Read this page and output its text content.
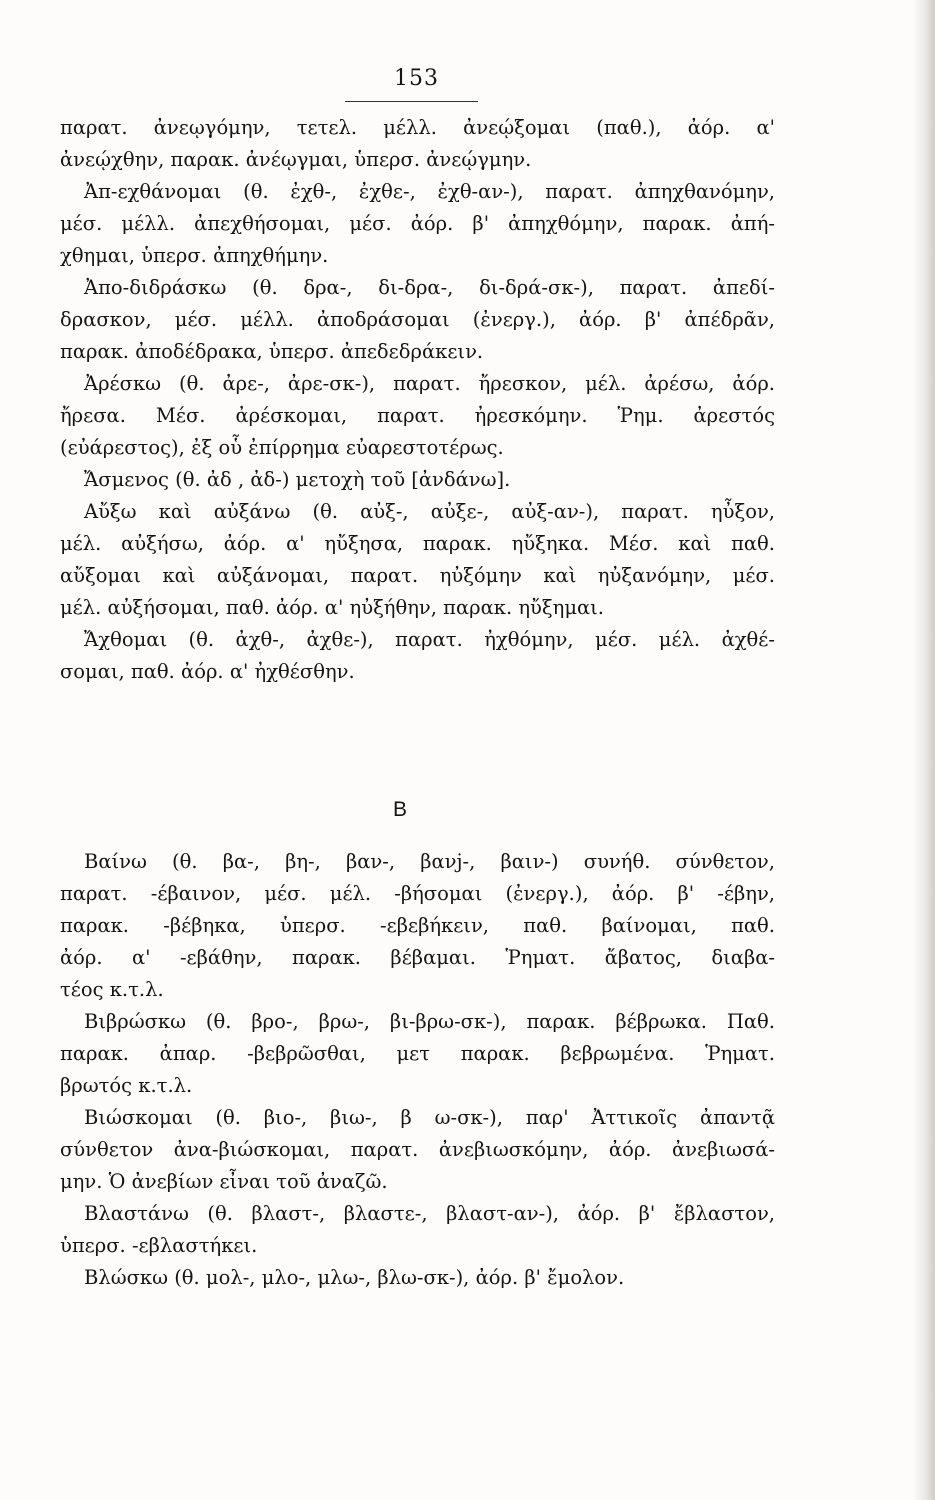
153
παρατ. ἀνεῳγόμην, τετελ. μέλλ. ἀνεῴξομαι (παθ.), ἀόρ. α'
ἀνεῴχθην, παρακ. ἀνέῳγμαι, ὑπερσ. ἀνεῴγμην.
Ἀπ-εχθάνομαι (θ. ἐχθ-, ἐχθε-, ἐχθ-αν-), παρατ. ἀπηχθανόμην,
μέσ. μέλλ. ἀπεχθήσομαι, μέσ. ἀόρ. β' ἀπηχθόμην, παρακ. ἀπή-
χθημαι, ὑπερσ. ἀπηχθήμην.
Ἀπο-διδράσκω (θ. δρα-, δι-δρα-, δι-δρά-σκ-), παρατ. ἀπεδί-
δρασκον, μέσ. μέλλ. ἀποδράσομαι (ἐνεργ.), ἀόρ. β' ἀπέδρᾶν,
παρακ. ἀποδέδρακα, ὑπερσ. ἀπεδεδράκειν.
Ἀρέσκω (θ. ἀρε-, ἀρε-σκ-), παρατ. ἤρεσκον, μέλ. ἀρέσω, ἀόρ.
ἤρεσα. Μέσ. ἀρέσκομαι, παρατ. ἠρεσκόμην. Ῥημ. ἀρεστός
(εὐάρεστος), ἐξ οὗ ἐπίρρημα εὐαρεστοτέρως.
Ἄσμενος (θ. ἀδ , ἀδ-) μετοχὴ τοῦ [ἀνδάνω].
Αὔξω καὶ αὐξάνω (θ. αὐξ-, αὐξε-, αὐξ-αν-), παρατ. ηὖξον,
μέλ. αὐξήσω, ἀόρ. α' ηὔξησα, παρακ. ηὔξηκα. Μέσ. καὶ παθ.
αὔξομαι καὶ αὐξάνομαι, παρατ. ηὐξόμην καὶ ηὐξανόμην, μέσ.
μέλ. αὐξήσομαι, παθ. ἀόρ. α' ηὐξήθην, παρακ. ηὔξημαι.
Ἄχθομαι (θ. ἀχθ-, ἀχθε-), παρατ. ἠχθόμην, μέσ. μέλ. ἀχθέ-
σομαι, παθ. ἀόρ. α' ἠχθέσθην.
B
Βαίνω (θ. βα-, βη-, βαν-, βανj-, βαιν-) συνήθ. σύνθετον,
παρατ. -έβαινον, μέσ. μέλ. -βήσομαι (ἐνεργ.), ἀόρ. β' -έβην,
παρακ. -βέβηκα, ὑπερσ. -εβεβήκειν, παθ. βαίνομαι, παθ.
ἀόρ. α' -εβάθην, παρακ. βέβαμαι. Ῥηματ. ἄβατος, διαβα-
τέος κ.τ.λ.
Βιβρώσκω (θ. βρο-, βρω-, βι-βρω-σκ-), παρακ. βέβρωκα. Παθ.
παρακ. ἀπαρ. -βεβρῶσθαι, μετ παρακ. βεβρωμένα. Ῥηματ.
βρωτός κ.τ.λ.
Βιώσκομαι (θ. βιο-, βιω-, β ω-σκ-), παρ' Ἀττικοῖς ἀπαντᾷ
σύνθετον ἀνα-βιώσκομαι, παρατ. ἀνεβιωσκόμην, ἀόρ. ἀνεβιωσά-
μην. Ὁ ἀνεβίων εἶναι τοῦ ἀναζῶ.
Βλαστάνω (θ. βλαστ-, βλαστε-, βλαστ-αν-), ἀόρ. β' ἔβλαστον,
ὑπερσ. -εβλαστήκει.
Βλώσκω (θ. μολ-, μλο-, μλω-, βλω-σκ-), ἀόρ. β' ἔμολον.
